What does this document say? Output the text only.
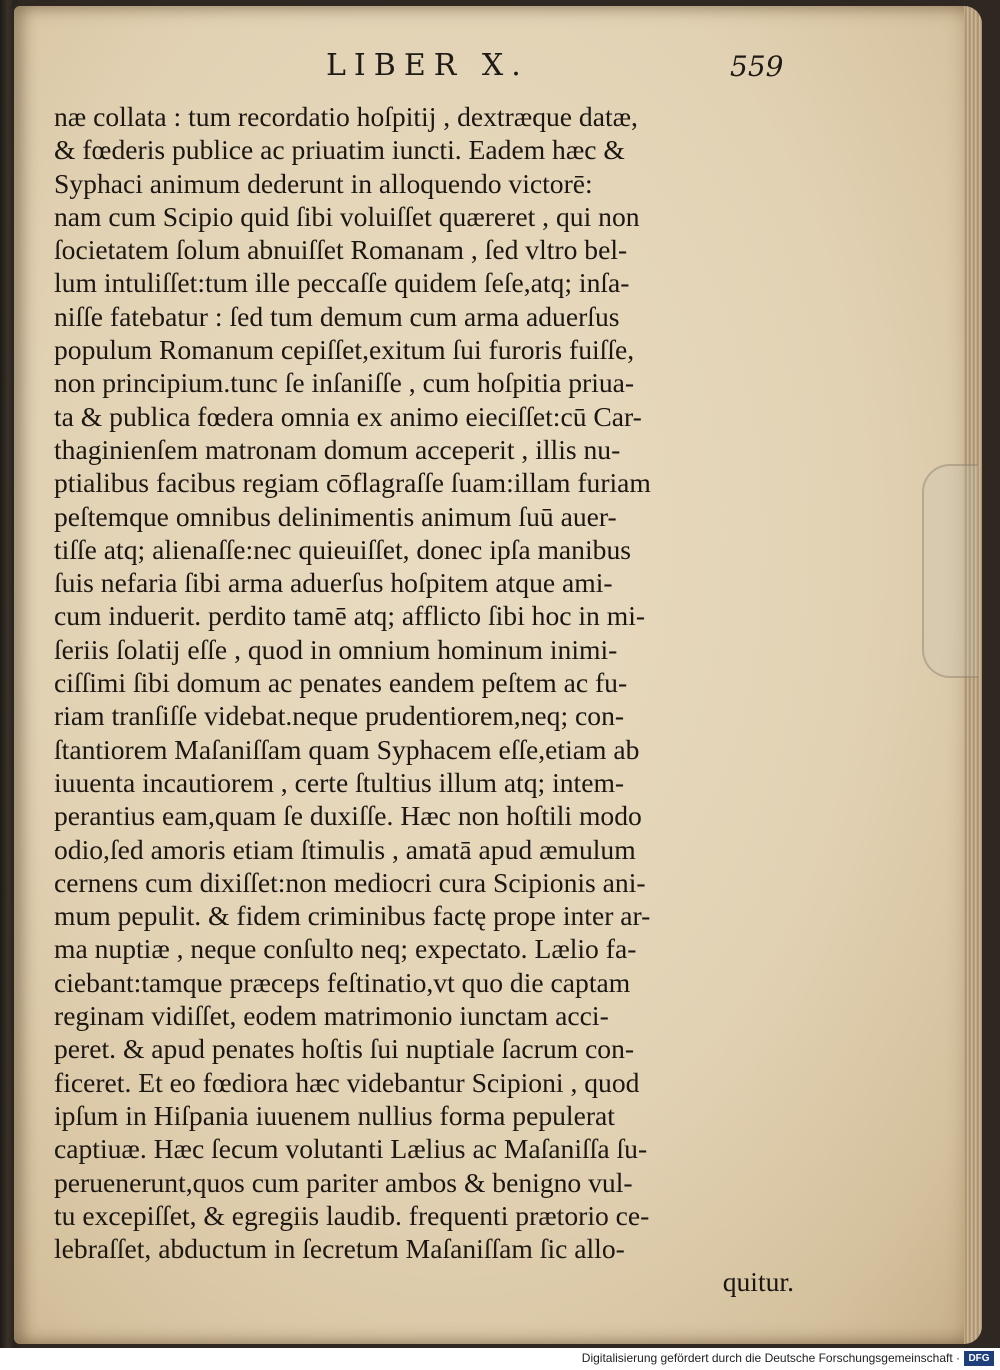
LIBER X.	559
næ collata : tum recordatio hoſpitij , dextræque datæ,
& fœderis publice ac priuatim iuncti. Eadem hæc &
Syphaci animum dederunt in alloquendo victorē:
nam cum Scipio quid ſibi voluiſſet quæreret , qui non
ſocietatem ſolum abnuiſſet Romanam , ſed vltro bel-
lum intuliſſet:tum ille peccaſſe quidem ſeſe,atq; inſa-
niſſe fatebatur : ſed tum demum cum arma aduerſus
populum Romanum cepiſſet,exitum ſui furoris fuiſſe,
non principium.tunc ſe inſaniſſe , cum hoſpitia priua-
ta & publica fœdera omnia ex animo eieciſſet:cū Car-
thaginienſem matronam domum acceperit , illis nu-
ptialibus facibus regiam cōflagraſſe ſuam:illam furiam
peſtemque omnibus delinimentis animum ſuū auer-
tiſſe atq; alienaſſe:nec quieuiſſet, donec ipſa manibus
ſuis nefaria ſibi arma aduerſus hoſpitem atque ami-
cum induerit. perdito tamē atq; afflicto ſibi hoc in mi-
ſeriis ſolatij eſſe , quod in omnium hominum inimi-
ciſſimi ſibi domum ac penates eandem peſtem ac fu-
riam tranſiſſe videbat.neque prudentiorem,neq; con-
ſtantiorem Maſaniſſam quam Syphacem eſſe,etiam ab
iuuenta incautiorem , certe ſtultius illum atq; intem-
perantius eam,quam ſe duxiſſe. Hæc non hoſtili modo
odio,ſed amoris etiam ſtimulis , amatā apud æmulum
cernens cum dixiſſet:non mediocri cura Scipionis ani-
mum pepulit. & fidem criminibus factę prope inter ar-
ma nuptiæ , neque conſulto neq; expectato. Lælio fa-
ciebant:tamque præceps feſtinatio,vt quo die captam
reginam vidiſſet, eodem matrimonio iunctam acci-
peret. & apud penates hoſtis ſui nuptiale ſacrum con-
ficeret. Et eo fœdiora hæc videbantur Scipioni , quod
ipſum in Hiſpania iuuenem nullius forma pepulerat
captiuæ. Hæc ſecum volutanti Lælius ac Maſaniſſa ſu-
peruenerunt,quos cum pariter ambos & benigno vul-
tu excepiſſet, & egregiis laudib. frequenti prætorio ce-
lebraſſet, abductum in ſecretum Maſaniſſam ſic allo-
quitur.
Digitalisierung gefördert durch die Deutsche Forschungsgemeinschaft · DFG
